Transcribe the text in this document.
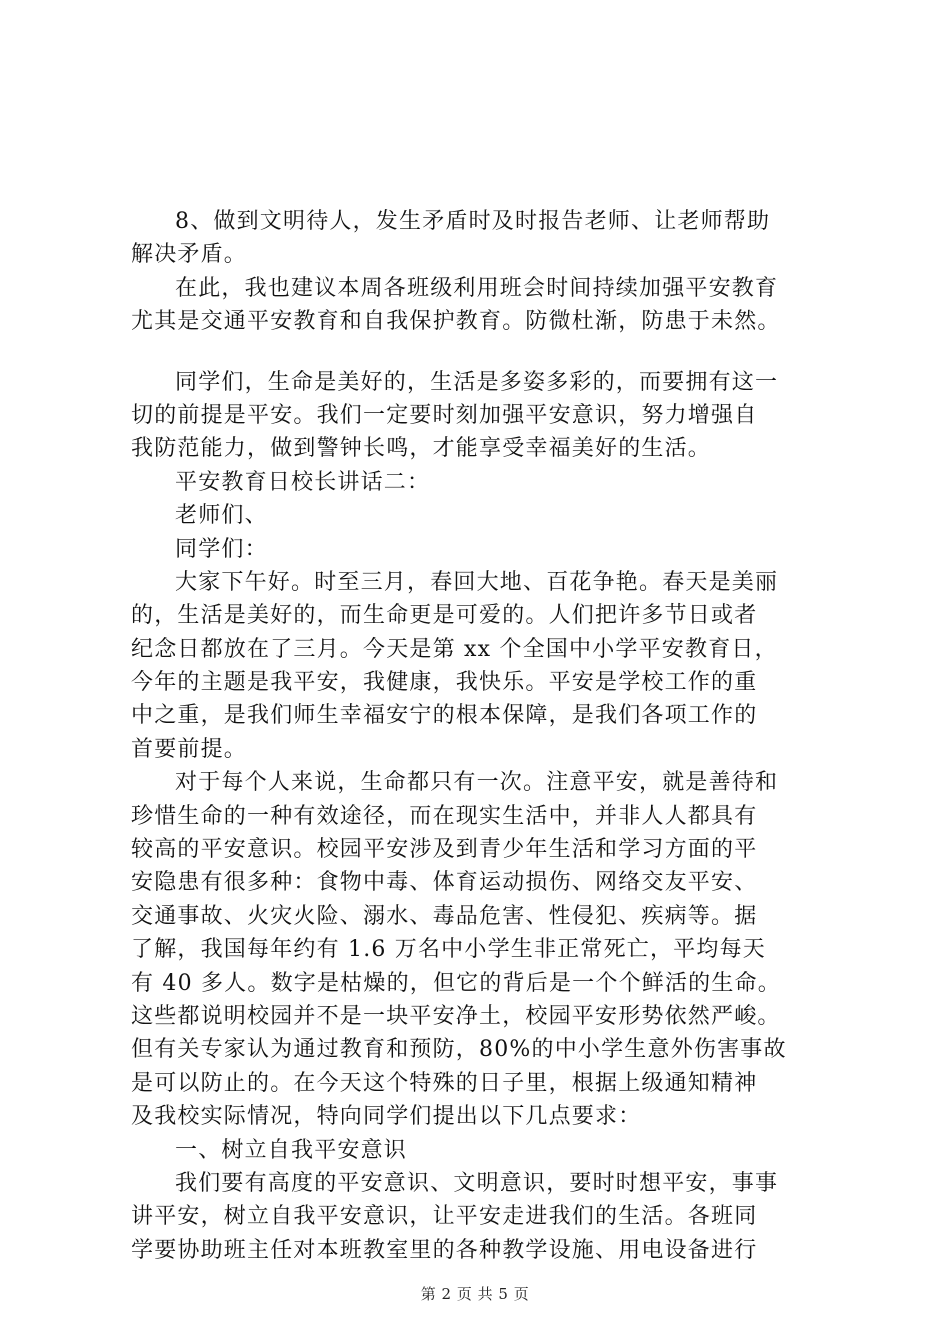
8、做到文明待人，发生矛盾时及时报告老师、让老师帮助
解决矛盾。
在此，我也建议本周各班级利用班会时间持续加强平安教育
尤其是交通平安教育和自我保护教育。防微杜渐，防患于未然。
同学们，生命是美好的，生活是多姿多彩的，而要拥有这一
切的前提是平安。我们一定要时刻加强平安意识，努力增强自
我防范能力，做到警钟长鸣，才能享受幸福美好的生活。
平安教育日校长讲话二：
老师们、
同学们：
大家下午好。时至三月，春回大地、百花争艳。春天是美丽
的，生活是美好的，而生命更是可爱的。人们把许多节日或者
纪念日都放在了三月。今天是第 xx 个全国中小学平安教育日，
今年的主题是我平安，我健康，我快乐。平安是学校工作的重
中之重，是我们师生幸福安宁的根本保障，是我们各项工作的
首要前提。
对于每个人来说，生命都只有一次。注意平安，就是善待和
珍惜生命的一种有效途径，而在现实生活中，并非人人都具有
较高的平安意识。校园平安涉及到青少年生活和学习方面的平
安隐患有很多种：食物中毒、体育运动损伤、网络交友平安、
交通事故、火灾火险、溺水、毒品危害、性侵犯、疾病等。据
了解，我国每年约有 1.6 万名中小学生非正常死亡，平均每天
有 40 多人。数字是枯燥的，但它的背后是一个个鲜活的生命。
这些都说明校园并不是一块平安净土，校园平安形势依然严峻。
但有关专家认为通过教育和预防，80%的中小学生意外伤害事故
是可以防止的。在今天这个特殊的日子里，根据上级通知精神
及我校实际情况，特向同学们提出以下几点要求：
一、树立自我平安意识
我们要有高度的平安意识、文明意识，要时时想平安，事事
讲平安，树立自我平安意识，让平安走进我们的生活。各班同
学要协助班主任对本班教室里的各种教学设施、用电设备进行
第 2 页 共 5 页
